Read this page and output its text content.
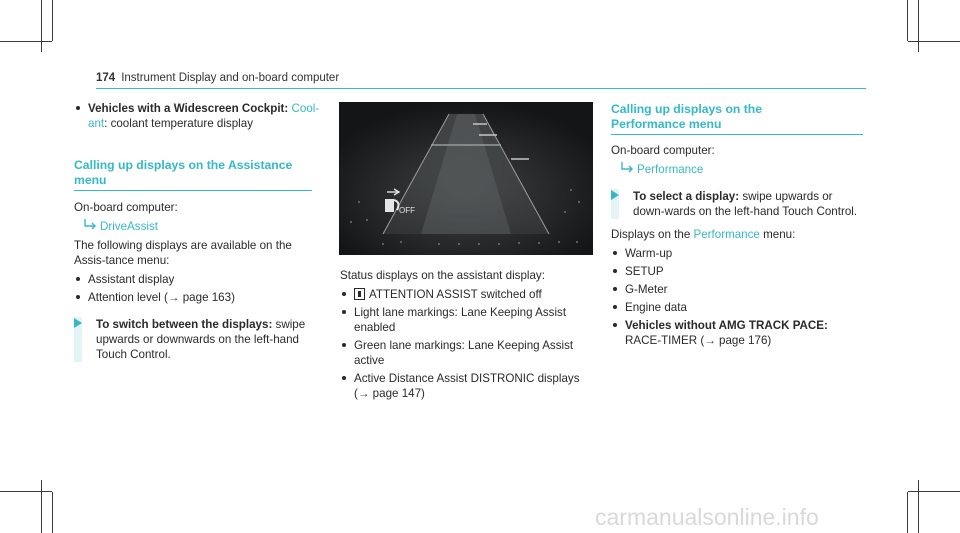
174 Instrument Display and on-board computer
Vehicles with a Widescreen Cockpit: Cool-ant: coolant temperature display
Calling up displays on the Assistance menu
On-board computer:
DriveAssist
The following displays are available on the Assis-tance menu:
Assistant display
Attention level (→ page 163)
To switch between the displays: swipe upwards or downwards on the left-hand Touch Control.
OFF
Status displays on the assistant display:
ATTENTION ASSIST switched off
Light lane markings: Lane Keeping Assist enabled
Green lane markings: Lane Keeping Assist active
Active Distance Assist DISTRONIC displays (→ page 147)
Calling up displays on the Performance menu
On-board computer:
Performance
To select a display: swipe upwards or down-wards on the left-hand Touch Control.
Displays on the Performance menu:
Warm-up
SETUP
G-Meter
Engine data
Vehicles without AMG TRACK PACE: RACE-TIMER (→ page 176)
carmanualsonline.info
